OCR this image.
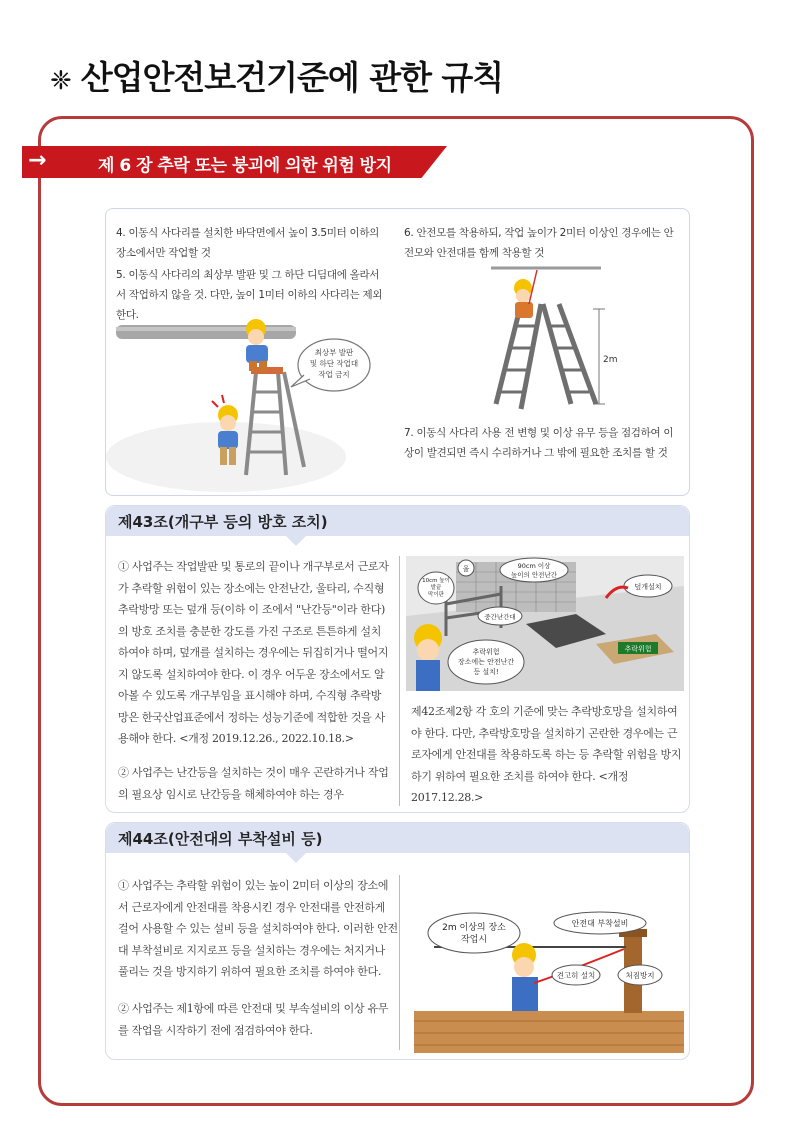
❈ 산업안전보건기준에 관한 규칙
→	제 6 장 추락 또는 붕괴에 의한 위험 방지
4. 이동식 사다리를 설치한 바닥면에서 높이 3.5미터 이하의 장소에서만 작업할 것
5. 이동식 사다리의 최상부 발판 및 그 하단 디딤대에 올라서서 작업하지 않을 것. 다만, 높이 1미터 이하의 사다리는 제외한다.
6. 안전모를 착용하되, 작업 높이가 2미터 이상인 경우에는 안전모와 안전대를 함께 착용할 것
7. 이동식 사다리 사용 전 변형 및 이상 유무 등을 점검하여 이상이 발견되면 즉시 수리하거나 그 밖에 필요한 조치를 할 것
최상부 발판
및 하단 작업대
작업 금지
2m
제43조(개구부 등의 방호 조치)
① 사업주는 작업발판 및 통로의 끝이나 개구부로서 근로자가 추락할 위험이 있는 장소에는 안전난간, 울타리, 수직형 추락방망 또는 덮개 등(이하 이 조에서 "난간등"이라 한다)의 방호 조치를 충분한 강도를 가진 구조로 튼튼하게 설치하여야 하며, 덮개를 설치하는 경우에는 뒤집히거나 떨어지지 않도록 설치하여야 한다. 이 경우 어두운 장소에서도 알아볼 수 있도록 개구부임을 표시해야 하며, 수직형 추락방망은 한국산업표준에서 정하는 성능기준에 적합한 것을 사용해야 한다. <개정 2019.12.26., 2022.10.18.>
② 사업주는 난간등을 설치하는 것이 매우 곤란하거나 작업의 필요상 임시로 난간등을 해체하여야 하는 경우
추락위험
추락위험
장소에는 안전난간
등 설치!
90cm 이상
높이의 안전난간
10cm 높이
발끝
막이판
중간난간대
덮개설치
울
제42조제2항 각 호의 기준에 맞는 추락방호망을 설치하여야 한다. 다만, 추락방호망을 설치하기 곤란한 경우에는 근로자에게 안전대를 착용하도록 하는 등 추락할 위험을 방지하기 위하여 필요한 조치를 하여야 한다. <개정 2017.12.28.>
제44조(안전대의 부착설비 등)
① 사업주는 추락할 위험이 있는 높이 2미터 이상의 장소에서 근로자에게 안전대를 착용시킨 경우 안전대를 안전하게 걸어 사용할 수 있는 설비 등을 설치하여야 한다. 이러한 안전대 부착설비로 지지로프 등을 설치하는 경우에는 처지거나 풀리는 것을 방지하기 위하여 필요한 조치를 하여야 한다.
② 사업주는 제1항에 따른 안전대 및 부속설비의 이상 유무를 작업을 시작하기 전에 점검하여야 한다.
2m 이상의 장소
작업시
안전대 부착설비
견고히 설치	처짐방지
